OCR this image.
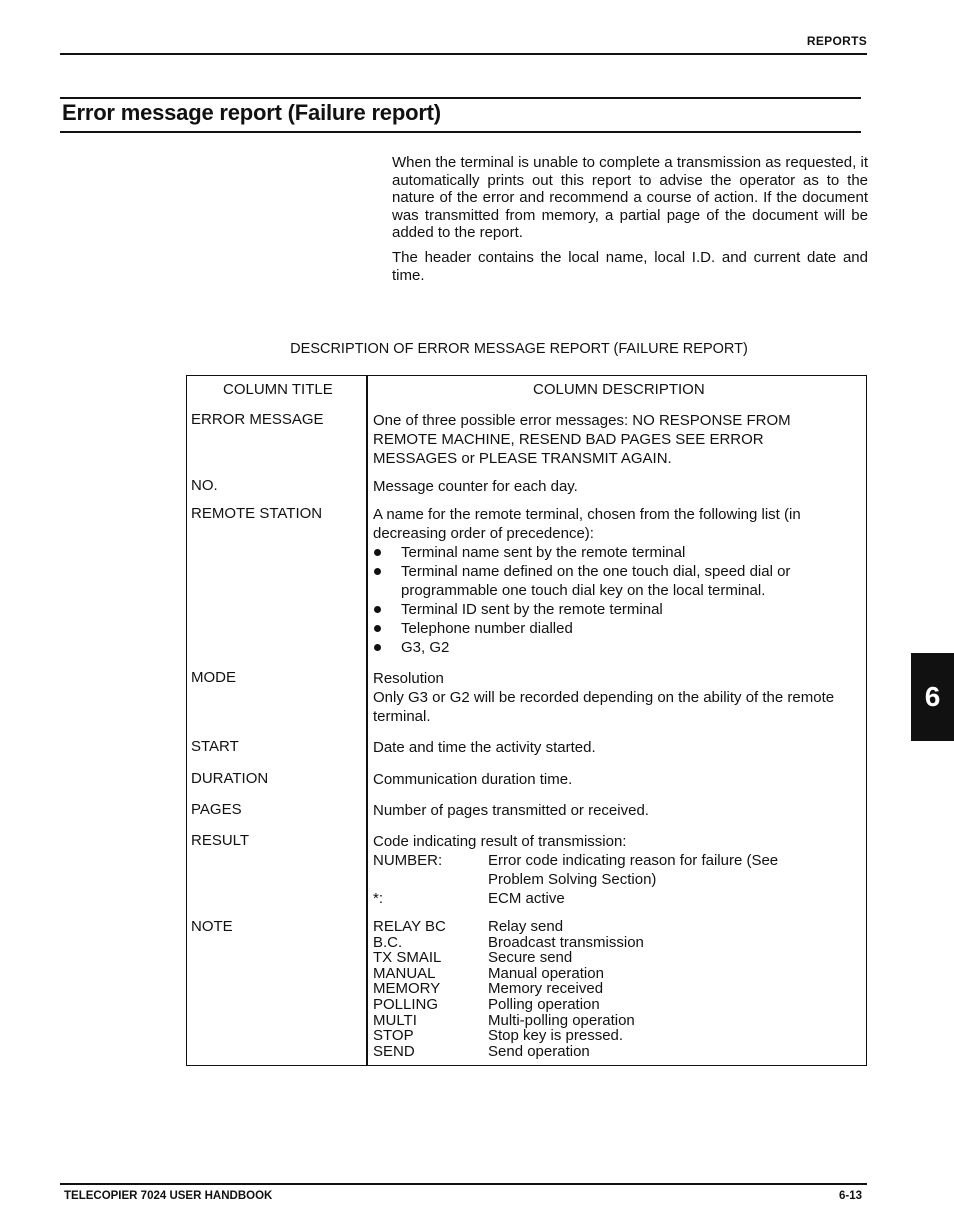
REPORTS
Error message report (Failure report)
When the terminal is unable to complete a transmission as requested, it automatically prints out this report to advise the operator as to the nature of the error and recommend a course of action. If the document was transmitted from memory, a partial page of the document will be added to the report.
The header contains the local name, local I.D. and current date and time.
DESCRIPTION OF ERROR MESSAGE REPORT (FAILURE REPORT)
COLUMN TITLE	COLUMN DESCRIPTION
ERROR MESSAGE	One of three possible error messages: NO RESPONSE FROM REMOTE MACHINE, RESEND BAD PAGES SEE ERROR MESSAGES or PLEASE TRANSMIT AGAIN.
NO.	Message counter for each day.
REMOTE STATION	A name for the remote terminal, chosen from the following list (in decreasing order of precedence):
Terminal name sent by the remote terminal
Terminal name defined on the one touch dial, speed dial or programmable one touch dial key on the local terminal.
Terminal ID sent by the remote terminal
Telephone number dialled
G3, G2
MODE	Resolution
Only G3 or G2 will be recorded depending on the ability of the remote terminal.
START	Date and time the activity started.
DURATION	Communication duration time.
PAGES	Number of pages transmitted or received.
RESULT	Code indicating result of transmission:
NUMBER:	Error code indicating reason for failure (See Problem Solving Section)
*:	ECM active
NOTE	RELAY BC	Relay send
B.C.	Broadcast transmission
TX SMAIL	Secure send
MANUAL	Manual operation
MEMORY	Memory received
POLLING	Polling operation
MULTI	Multi-polling operation
STOP	Stop key is pressed.
SEND	Send operation
6
TELECOPIER 7024 USER HANDBOOK	6-13
